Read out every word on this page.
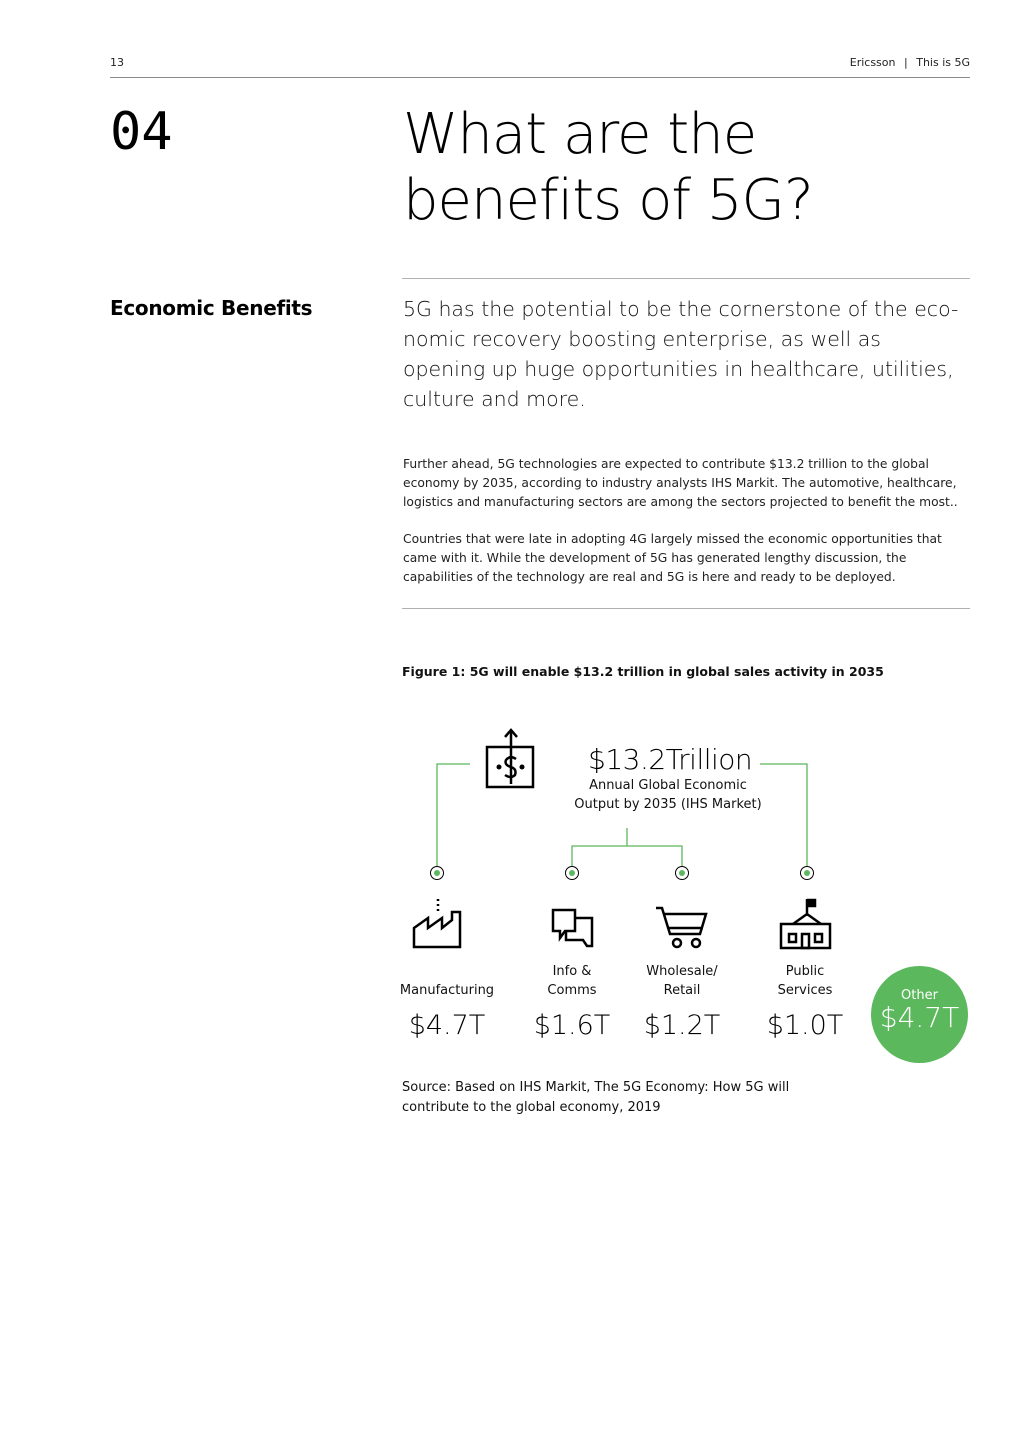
13	Ericsson | This is 5G
04	What are the
benefits of 5G?
Economic Benefits	5G has the potential to be the cornerstone of the eco-nomic recovery boosting enterprise, as well as opening up huge opportunities in healthcare, utilities, culture and more.
Further ahead, 5G technologies are expected to contribute $13.2 trillion to the global economy by 2035, according to industry analysts IHS Markit. The automotive, healthcare, logistics and manufacturing sectors are among the sectors projected to benefit the most..
Countries that were late in adopting 4G largely missed the economic opportunities that came with it. While the development of 5G has generated lengthy discussion, the capabilities of the technology are real and 5G is here and ready to be deployed.
Figure 1: 5G will enable $13.2 trillion in global sales activity in 2035
$13.2Trillion
Annual Global Economic
Output by 2035 (IHS Market)
Manufacturing
$4.7T
Info &
Comms
$1.6T
Wholesale/
Retail
$1.2T
Public
Services
$1.0T
Other
$4.7T
Source: Based on IHS Markit, The 5G Economy: How 5G will contribute to the global economy, 2019
